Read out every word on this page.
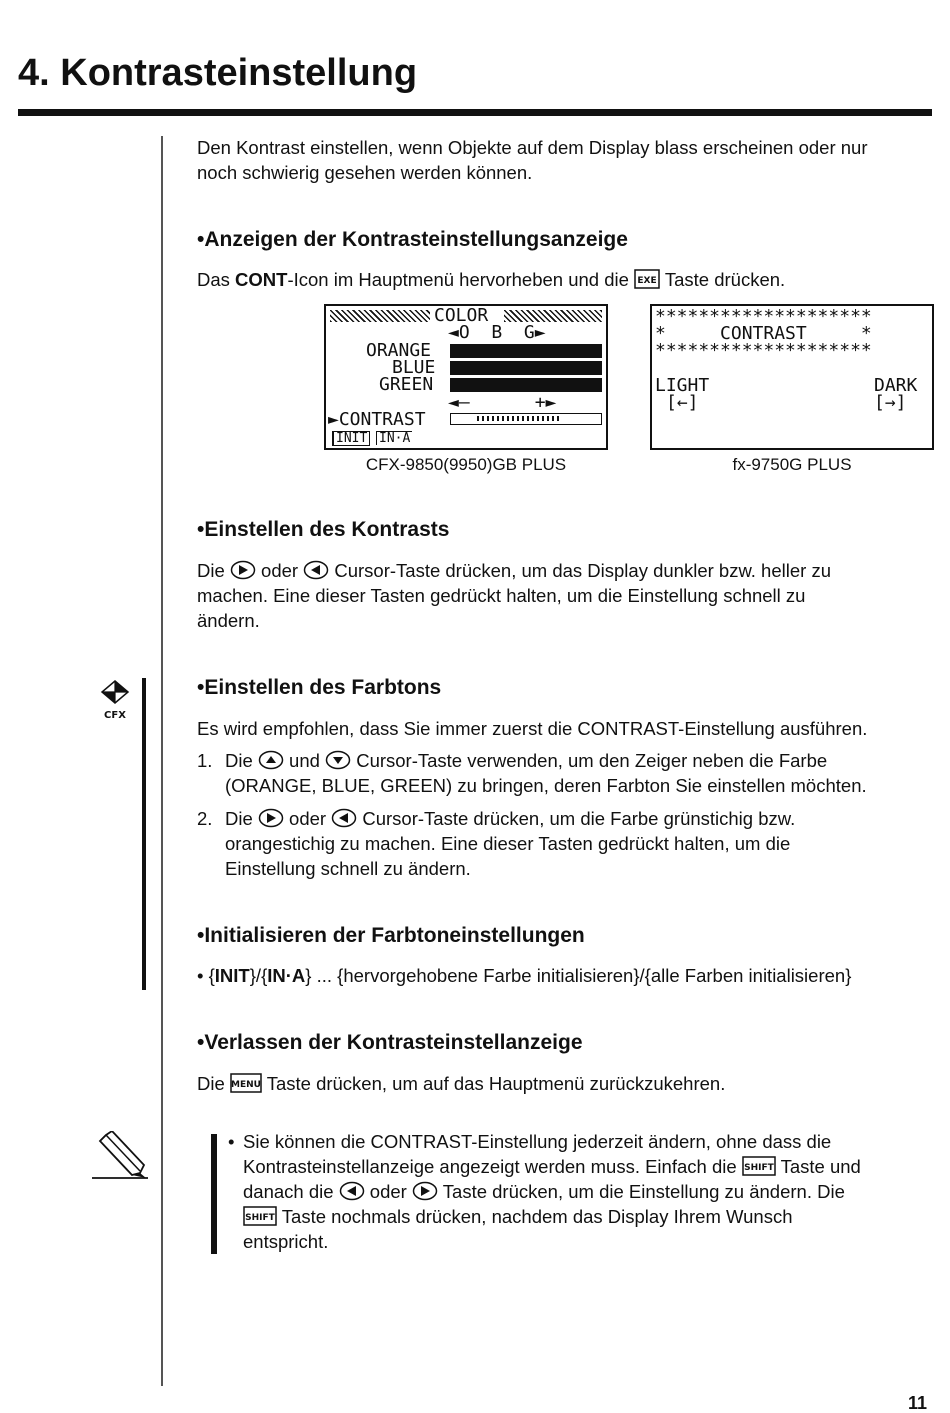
4. Kontrasteinstellung
Den Kontrast einstellen, wenn Objekte auf dem Display blass erscheinen oder nur
noch schwierig gesehen werden können.
•Anzeigen der Kontrasteinstellungsanzeige
Das CONT-Icon im Hauptmenü hervorheben und die EXE Taste drücken.
COLOR
◄O  B  G►
ORANGE
BLUE
GREEN
◄–      +►
►CONTRAST
INIT IN·A
CFX-9850(9950)GB PLUS
********************
*     CONTRAST     *
********************
LIGHT	DARK
[←]	[→]
fx-9750G PLUS
•Einstellen des Kontrasts
Die  oder  Cursor-Taste drücken, um das Display dunkler bzw. heller zu
machen. Eine dieser Tasten gedrückt halten, um die Einstellung schnell zu
ändern.
CFX
•Einstellen des Farbtons
Es wird empfohlen, dass Sie immer zuerst die CONTRAST-Einstellung ausführen.
1. Die  und  Cursor-Taste verwenden, um den Zeiger neben die Farbe
(ORANGE, BLUE, GREEN) zu bringen, deren Farbton Sie einstellen möchten.
2. Die  oder  Cursor-Taste drücken, um die Farbe grünstichig bzw.
orangestichig zu machen. Eine dieser Tasten gedrückt halten, um die
Einstellung schnell zu ändern.
•Initialisieren der Farbtoneinstellungen
• {INIT}/{IN·A} ... {hervorgehobene Farbe initialisieren}/{alle Farben initialisieren}
•Verlassen der Kontrasteinstellanzeige
Die MENU Taste drücken, um auf das Hauptmenü zurückzukehren.
• Sie können die CONTRAST-Einstellung jederzeit ändern, ohne dass die
Kontrasteinstellanzeige angezeigt werden muss. Einfach die SHIFT Taste und
danach die  oder  Taste drücken, um die Einstellung zu ändern. Die
SHIFT Taste nochmals drücken, nachdem das Display Ihrem Wunsch
entspricht.
11
